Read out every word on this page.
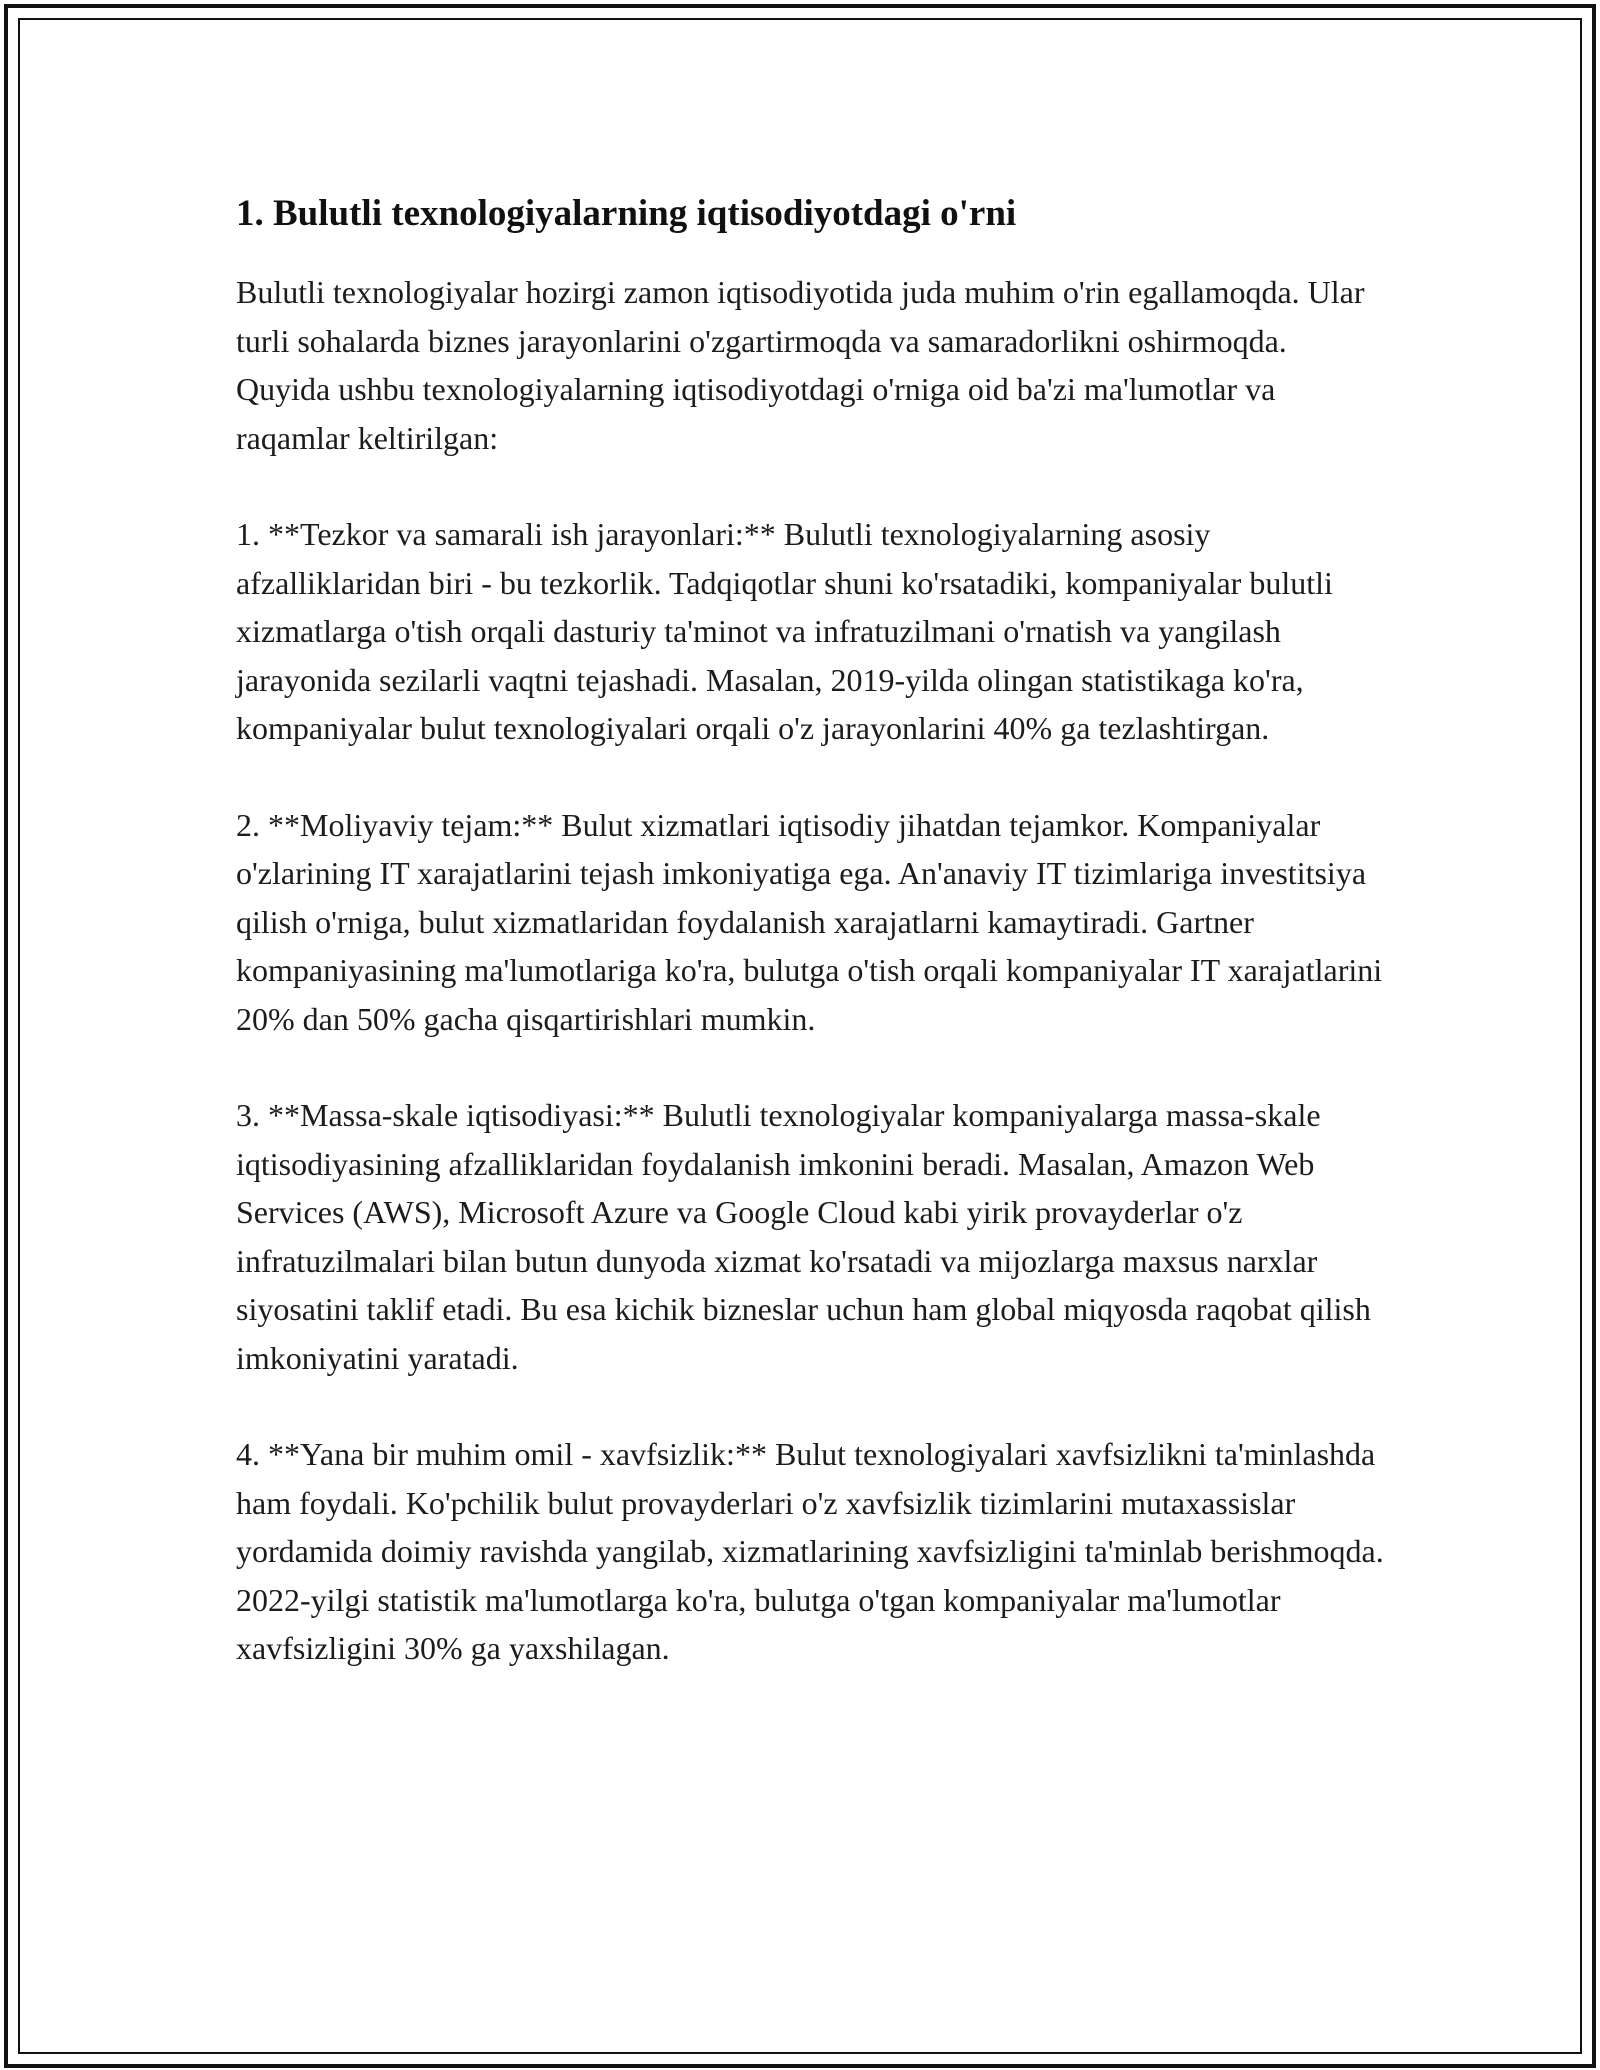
1. Bulutli texnologiyalarning iqtisodiyotdagi o'rni

Bulutli texnologiyalar hozirgi zamon iqtisodiyotida juda muhim o'rin egallamoqda. Ular turli sohalarda biznes jarayonlarini o'zgartirmoqda va samaradorlikni oshirmoqda. Quyida ushbu texnologiyalarning iqtisodiyotdagi o'rniga oid ba'zi ma'lumotlar va raqamlar keltirilgan:

1. **Tezkor va samarali ish jarayonlari:** Bulutli texnologiyalarning asosiy afzalliklaridan biri - bu tezkorlik. Tadqiqotlar shuni ko'rsatadiki, kompaniyalar bulutli xizmatlarga o'tish orqali dasturiy ta'minot va infratuzilmani o'rnatish va yangilash jarayonida sezilarli vaqtni tejashadi. Masalan, 2019-yilda olingan statistikaga ko'ra, kompaniyalar bulut texnologiyalari orqali o'z jarayonlarini 40% ga tezlashtirgan.

2. **Moliyaviy tejam:** Bulut xizmatlari iqtisodiy jihatdan tejamkor. Kompaniyalar o'zlarining IT xarajatlarini tejash imkoniyatiga ega. An'anaviy IT tizimlariga investitsiya qilish o'rniga, bulut xizmatlaridan foydalanish xarajatlarni kamaytiradi. Gartner kompaniyasining ma'lumotlariga ko'ra, bulutga o'tish orqali kompaniyalar IT xarajatlarini 20% dan 50% gacha qisqartirishlari mumkin.

3. **Massa-skale iqtisodiyasi:** Bulutli texnologiyalar kompaniyalarga massa-skale iqtisodiyasining afzalliklaridan foydalanish imkonini beradi. Masalan, Amazon Web Services (AWS), Microsoft Azure va Google Cloud kabi yirik provayderlar o'z infratuzilmalari bilan butun dunyoda xizmat ko'rsatadi va mijozlarga maxsus narxlar siyosatini taklif etadi. Bu esa kichik bizneslar uchun ham global miqyosda raqobat qilish imkoniyatini yaratadi.

4. **Yana bir muhim omil - xavfsizlik:** Bulut texnologiyalari xavfsizlikni ta'minlashda ham foydali. Ko'pchilik bulut provayderlari o'z xavfsizlik tizimlarini mutaxassislar yordamida doimiy ravishda yangilab, xizmatlarining xavfsizligini ta'minlab berishmoqda. 2022-yilgi statistik ma'lumotlarga ko'ra, bulutga o'tgan kompaniyalar ma'lumotlar xavfsizligini 30% ga yaxshilagan.
